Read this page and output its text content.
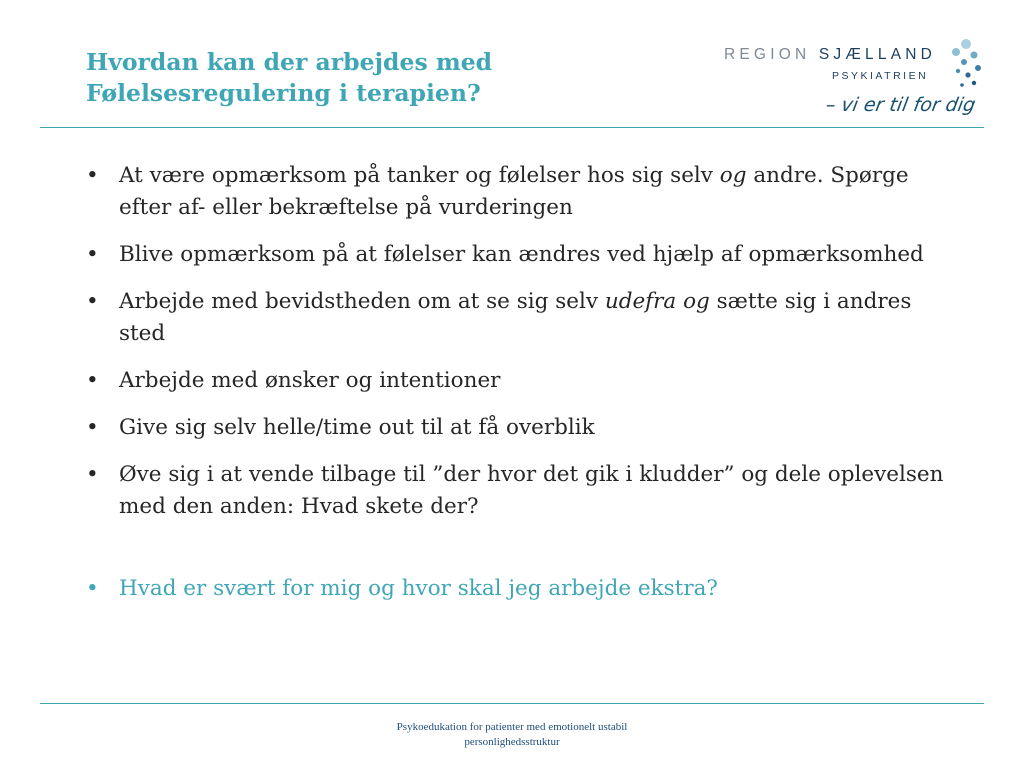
Hvordan kan der arbejdes med
Følelsesregulering i terapien?
REGION SJÆLLAND
PSYKIATRIEN
– vi er til for dig
• At være opmærksom på tanker og følelser hos sig selv og andre. Spørge efter af- eller bekræftelse på vurderingen
• Blive opmærksom på at følelser kan ændres ved hjælp af opmærksomhed
• Arbejde med bevidstheden om at se sig selv udefra og sætte sig i andres sted
• Arbejde med ønsker og intentioner
• Give sig selv helle/time out til at få overblik
• Øve sig i at vende tilbage til ”der hvor det gik i kludder” og dele oplevelsen med den anden: Hvad skete der?
• Hvad er svært for mig og hvor skal jeg arbejde ekstra?
Psykoedukation for patienter med emotionelt ustabil
personlighedsstruktur
